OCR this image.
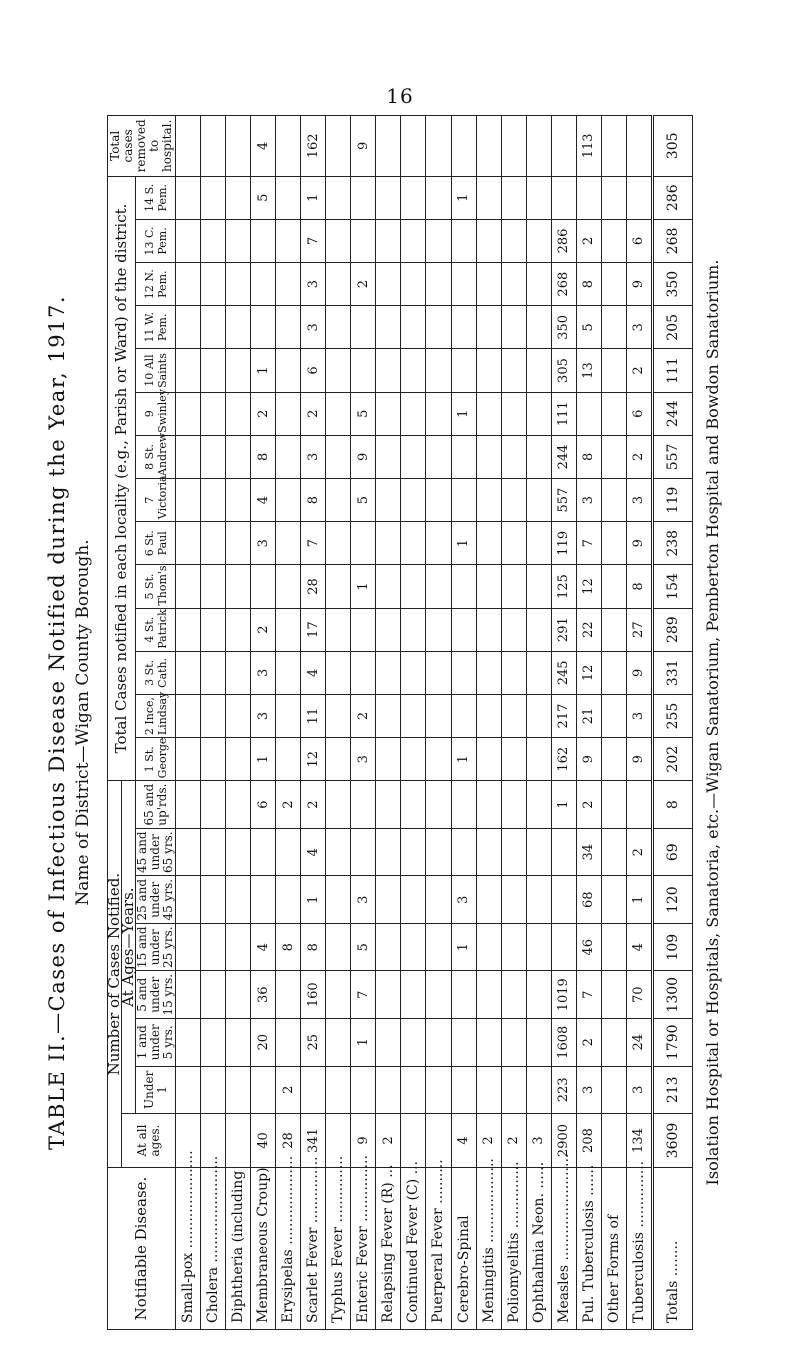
16
TABLE II.—Cases of Infectious Disease Notified during the Year, 1917. Name of District—Wigan County Borough.
Notifiable Disease.	Number of Cases Notified.								Total Cases notified in each locality (e.g., Parish or Ward) of the district.														Total cases removed to hospital.
	At all ages.	At Ages—Years.																					
		Under 1	1 and under 5 yrs.	5 and under 15 yrs.	15 and under 25 yrs.	25 and under 45 yrs.	45 and under 65 yrs.	65 and up'rds.	1 St. George	2 Ince, Lindsay	3 St. Cath.	4 St. Patrick	5 St. Thom's	6 St. Paul	7 Victoria	8 St. Andrew	9 Swinley	10 All Saints	11 W. Pem.	12 N. Pem.	13 C. Pem.	14 S. Pem.	
Small-pox ......................																							
Cholera ........................																							
Diphtheria (including																							
Membraneous Croup)	40		20	36	4			6	1	3	3	2		3	4	8	2	1				5	4
Erysipelas ....................	28	2			8			2															
Scarlet Fever ...............	341		25	160	8	1	4	2	12	11	4	17	28	7	8	3	2	6	3	3	7	1	162
Typhus Fever ...............																							
Enteric Fever ...............	9		1	7	5	3			3	2			1		5	9	5			2			9
Relapsing Fever (R) ...	2																						
Continued Fever (C) ...																							
Puerperal Fever ..........																							
Cerebro-Spinal	4				1	3			1					1			1					1	
Meningitis ...................	2																						
Poliomyelitis ...............	2																						
Ophthalmia Neon. ......	3																						
Measles ........................	2900	223	1608	1019				1	162	217	245	291	125	119	557	244	111	305	350	268	286		
Pul. Tuberculosis .......	208	3	2	7	46	68	34	2	9	21	12	22	12	7	3	8		13	5	8	2		113
Other Forms of																							
Tuberculosis ...............	134	3	24	70	4	1	2		9	3	9	27	8	9	3	2	6	2	3	9	6		
Totals ........	3609	213	1790	1300	109	120	69	8	202	255	331	289	154	238	119	557	244	111	205	350	268	286	305
Isolation Hospital or Hospitals, Sanatoria, etc.—Wigan Sanatorium, Pemberton Hospital and Bowdon Sanatorium.
